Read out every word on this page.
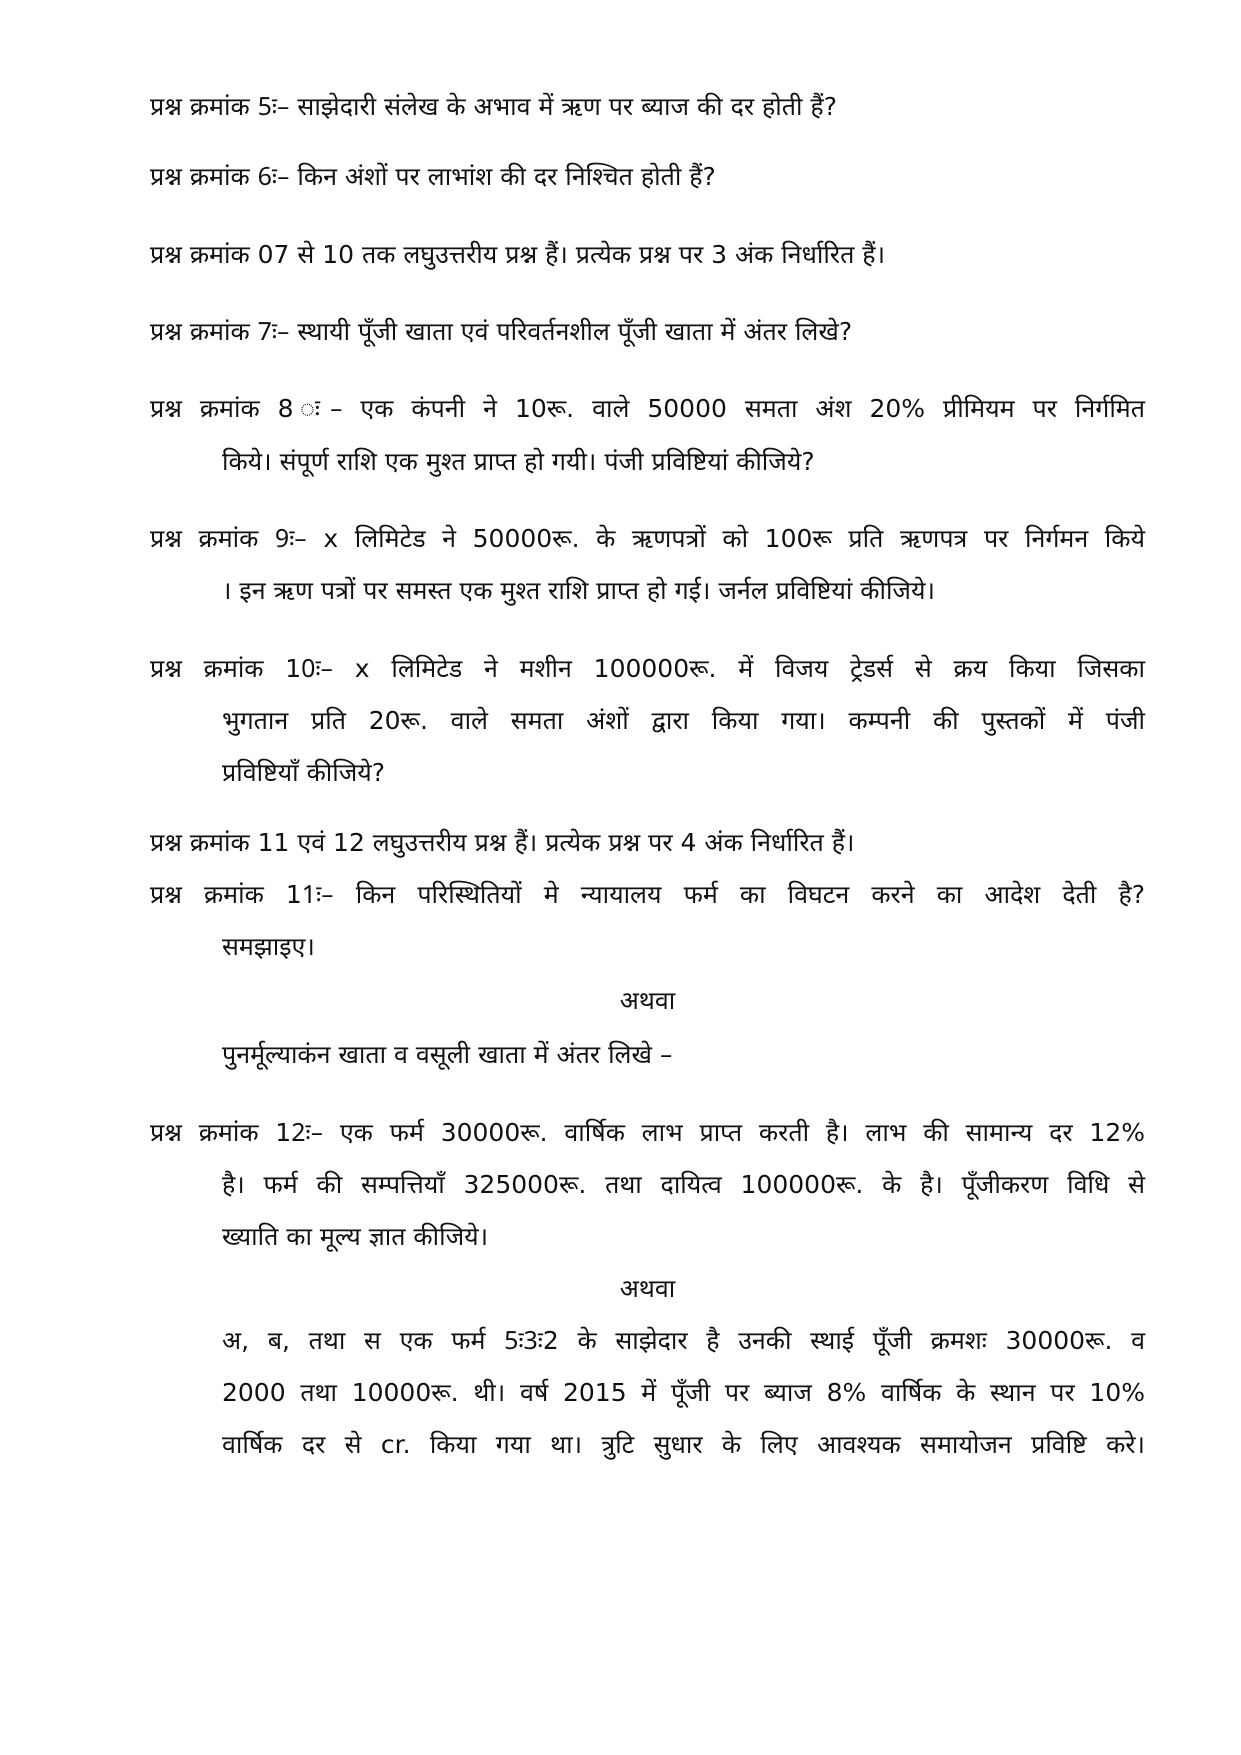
प्रश्न क्रमांक 5ः– साझेदारी संलेख के अभाव में ऋण पर ब्याज की दर होती हैं?
प्रश्न क्रमांक 6ः– किन अंशों पर लाभांश की दर निश्चित होती हैं?
प्रश्न क्रमांक 07 से 10 तक लघुउत्तरीय प्रश्न हैं। प्रत्येक प्रश्न पर 3 अंक निर्धारित हैं।
प्रश्न क्रमांक 7ः– स्थायी पूँजी खाता एवं परिवर्तनशील पूँजी खाता में अंतर लिखे?
प्रश्न क्रमांक 8 ः– एक कंपनी ने 10रू. वाले 50000 समता अंश 20% प्रीमियम पर निर्गमित
किये। संपूर्ण राशि एक मुश्त प्राप्त हो गयी। पंजी प्रविष्टियां कीजिये?
प्रश्न क्रमांक 9ः– x लिमिटेड ने 50000रू. के ऋणपत्रों को 100रू प्रति ऋणपत्र पर निर्गमन किये
। इन ऋण पत्रों पर समस्त एक मुश्त राशि प्राप्त हो गई। जर्नल प्रविष्टियां कीजिये।
प्रश्न क्रमांक 10ः– x लिमिटेड ने मशीन 100000रू. में विजय ट्रेडर्स से क्रय किया जिसका
भुगतान प्रति 20रू. वाले समता अंशों द्वारा किया गया। कम्पनी की पुस्तकों में पंजी
प्रविष्टियाँ कीजिये?
प्रश्न क्रमांक 11 एवं 12 लघुउत्तरीय प्रश्न हैं। प्रत्येक प्रश्न पर 4 अंक निर्धारित हैं।
प्रश्न क्रमांक 11ः– किन परिस्थितियों मे न्यायालय फर्म का विघटन करने का आदेश देती है?
समझाइए।
अथवा
पुनर्मूल्याकंन खाता व वसूली खाता में अंतर लिखे –
प्रश्न क्रमांक 12ः– एक फर्म 30000रू. वार्षिक लाभ प्राप्त करती है। लाभ की सामान्य दर 12%
है। फर्म की सम्पत्तियाँ 325000रू. तथा दायित्व 100000रू. के है। पूँजीकरण विधि से
ख्याति का मूल्य ज्ञात कीजिये।
अथवा
अ, ब, तथा स एक फर्म 5ः3ः2 के साझेदार है उनकी स्थाई पूँजी क्रमशः 30000रू. व
2000 तथा 10000रू. थी। वर्ष 2015 में पूँजी पर ब्याज 8% वार्षिक के स्थान पर 10%
वार्षिक दर से cr. किया गया था। त्रुटि सुधार के लिए आवश्यक समायोजन प्रविष्टि करे।
